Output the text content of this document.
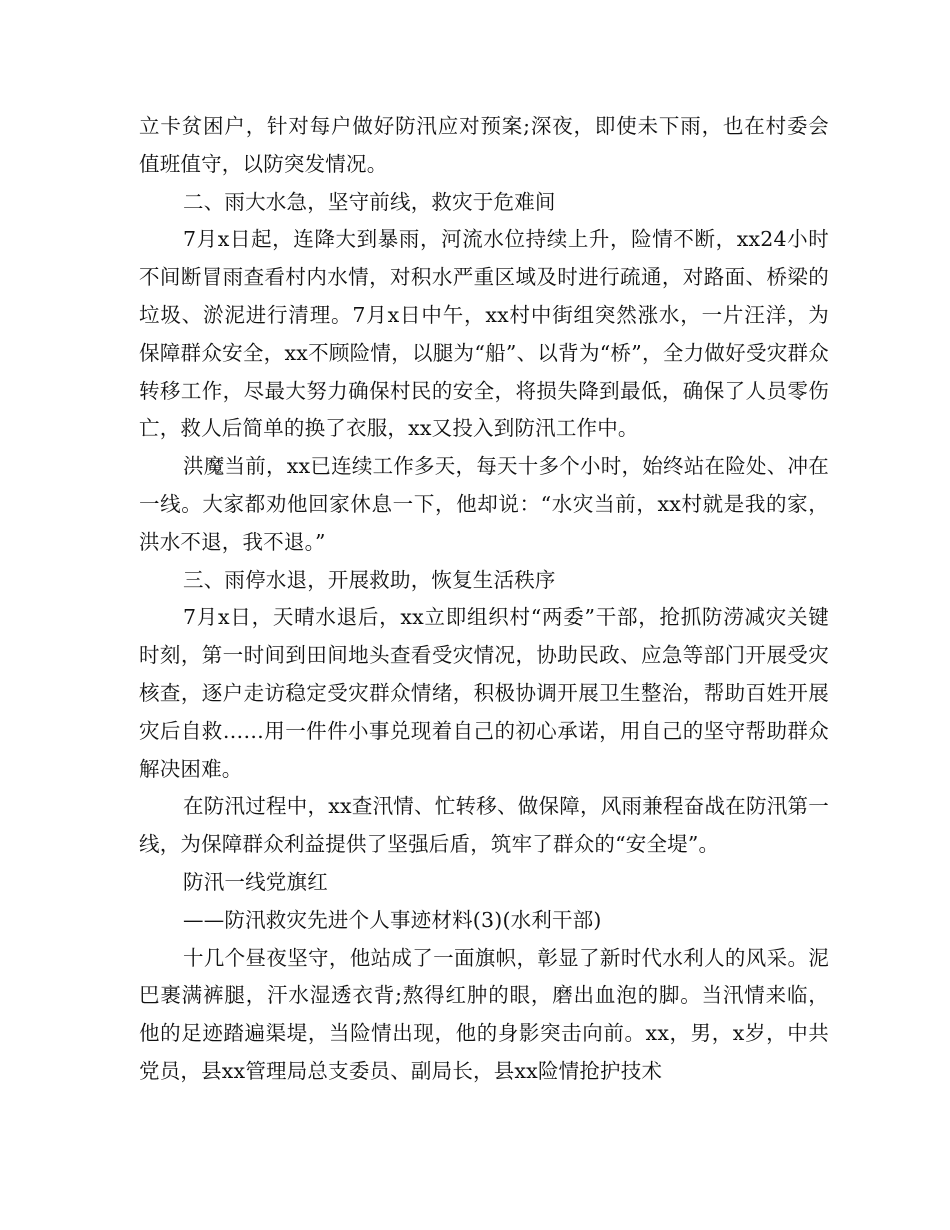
立卡贫困户，针对每户做好防汛应对预案;深夜，即使未下雨，也在村委会值班值守，以防突发情况。

二、雨大水急，坚守前线，救灾于危难间

7月x日起，连降大到暴雨，河流水位持续上升，险情不断，xx24小时不间断冒雨查看村内水情，对积水严重区域及时进行疏通，对路面、桥梁的垃圾、淤泥进行清理。7月x日中午，xx村中街组突然涨水，一片汪洋，为保障群众安全，xx不顾险情，以腿为“船”、以背为“桥”，全力做好受灾群众转移工作，尽最大努力确保村民的安全，将损失降到最低，确保了人员零伤亡，救人后简单的换了衣服，xx又投入到防汛工作中。

洪魔当前，xx已连续工作多天，每天十多个小时，始终站在险处、冲在一线。大家都劝他回家休息一下，他却说：“水灾当前，xx村就是我的家，洪水不退，我不退。”

三、雨停水退，开展救助，恢复生活秩序

7月x日，天晴水退后，xx立即组织村“两委”干部，抢抓防涝减灾关键时刻，第一时间到田间地头查看受灾情况，协助民政、应急等部门开展受灾核查，逐户走访稳定受灾群众情绪，积极协调开展卫生整治，帮助百姓开展灾后自救……用一件件小事兑现着自己的初心承诺，用自己的坚守帮助群众解决困难。

在防汛过程中，xx查汛情、忙转移、做保障，风雨兼程奋战在防汛第一线，为保障群众利益提供了坚强后盾，筑牢了群众的“安全堤”。

防汛一线党旗红

——防汛救灾先进个人事迹材料(3)(水利干部)

十几个昼夜坚守，他站成了一面旗帜，彰显了新时代水利人的风采。泥巴裹满裤腿，汗水湿透衣背;熬得红肿的眼，磨出血泡的脚。当汛情来临，他的足迹踏遍渠堤，当险情出现，他的身影突击向前。xx，男，x岁，中共党员，县xx管理局总支委员、副局长，县xx险情抢护技术
